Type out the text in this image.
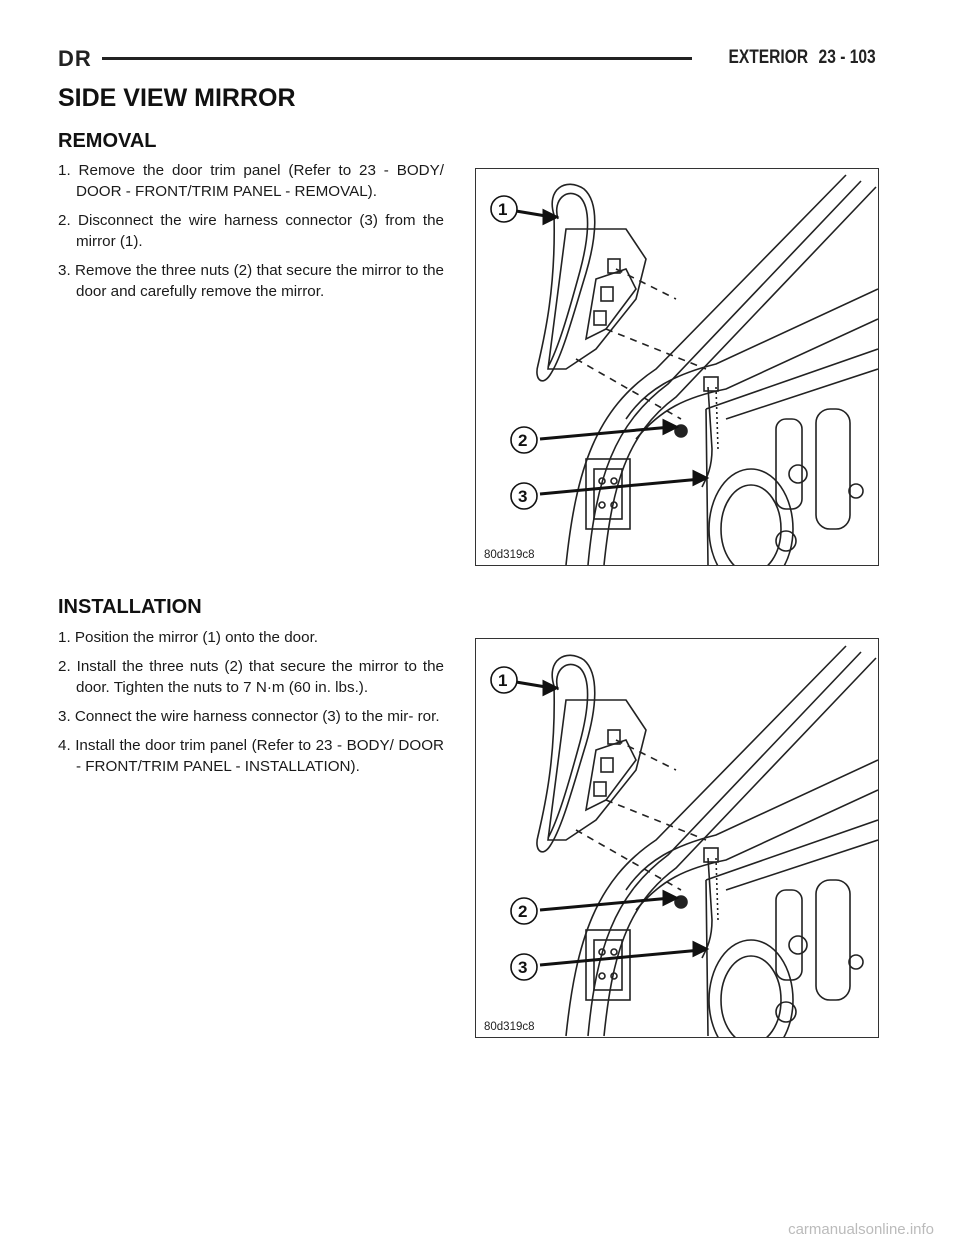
DR	EXTERIOR 23 - 103
SIDE VIEW MIRROR
REMOVAL
1. Remove the door trim panel (Refer to 23 - BODY/ DOOR - FRONT/TRIM PANEL - REMOVAL).
2. Disconnect the wire harness connector (3) from the mirror (1).
3. Remove the three nuts (2) that secure the mirror to the door and carefully remove the mirror.
1
2
3
80d319c8
INSTALLATION
1. Position the mirror (1) onto the door.
2. Install the three nuts (2) that secure the mirror to the door. Tighten the nuts to 7 N·m (60 in. lbs.).
3. Connect the wire harness connector (3) to the mir- ror.
4. Install the door trim panel (Refer to 23 - BODY/ DOOR - FRONT/TRIM PANEL - INSTALLATION).
1
2
3
80d319c8
carmanualsonline.info
